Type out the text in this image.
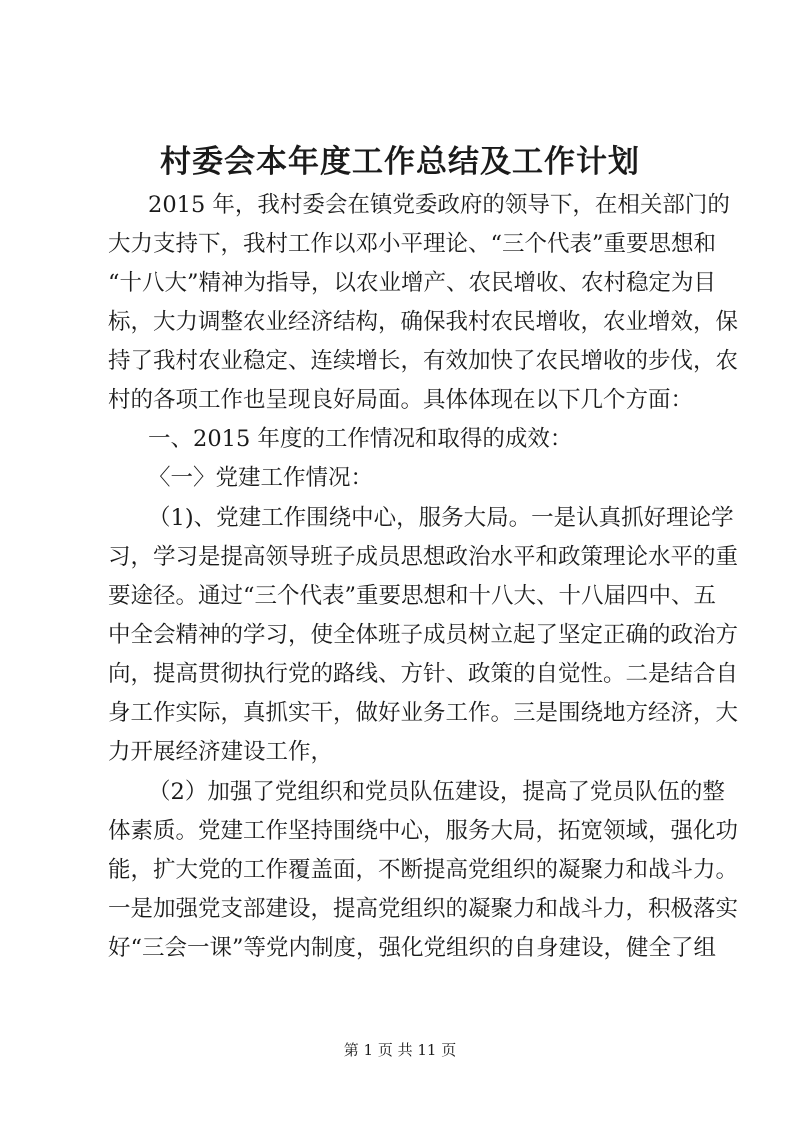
村委会本年度工作总结及工作计划

2015 年，我村委会在镇党委政府的领导下，在相关部门的

大力支持下，我村工作以邓小平理论、“三个代表”重要思想和

“十八大”精神为指导，以农业增产、农民增收、农村稳定为目

标，大力调整农业经济结构，确保我村农民增收，农业增效，保

持了我村农业稳定、连续增长，有效加快了农民增收的步伐，农

村的各项工作也呈现良好局面。具体体现在以下几个方面：

一、2015 年度的工作情况和取得的成效：

〈一〉党建工作情况：

（1)、党建工作围绕中心，服务大局。一是认真抓好理论学

习，学习是提高领导班子成员思想政治水平和政策理论水平的重

要途径。通过“三个代表”重要思想和十八大、十八届四中、五

中全会精神的学习，使全体班子成员树立起了坚定正确的政治方

向，提高贯彻执行党的路线、方针、政策的自觉性。二是结合自

身工作实际，真抓实干，做好业务工作。三是围绕地方经济，大

力开展经济建设工作，

（2）加强了党组织和党员队伍建设，提高了党员队伍的整

体素质。党建工作坚持围绕中心，服务大局，拓宽领域，强化功

能，扩大党的工作覆盖面，不断提高党组织的凝聚力和战斗力。

一是加强党支部建设，提高党组织的凝聚力和战斗力，积极落实

好“三会一课”等党内制度，强化党组织的自身建设，健全了组

第 1 页 共 11 页
